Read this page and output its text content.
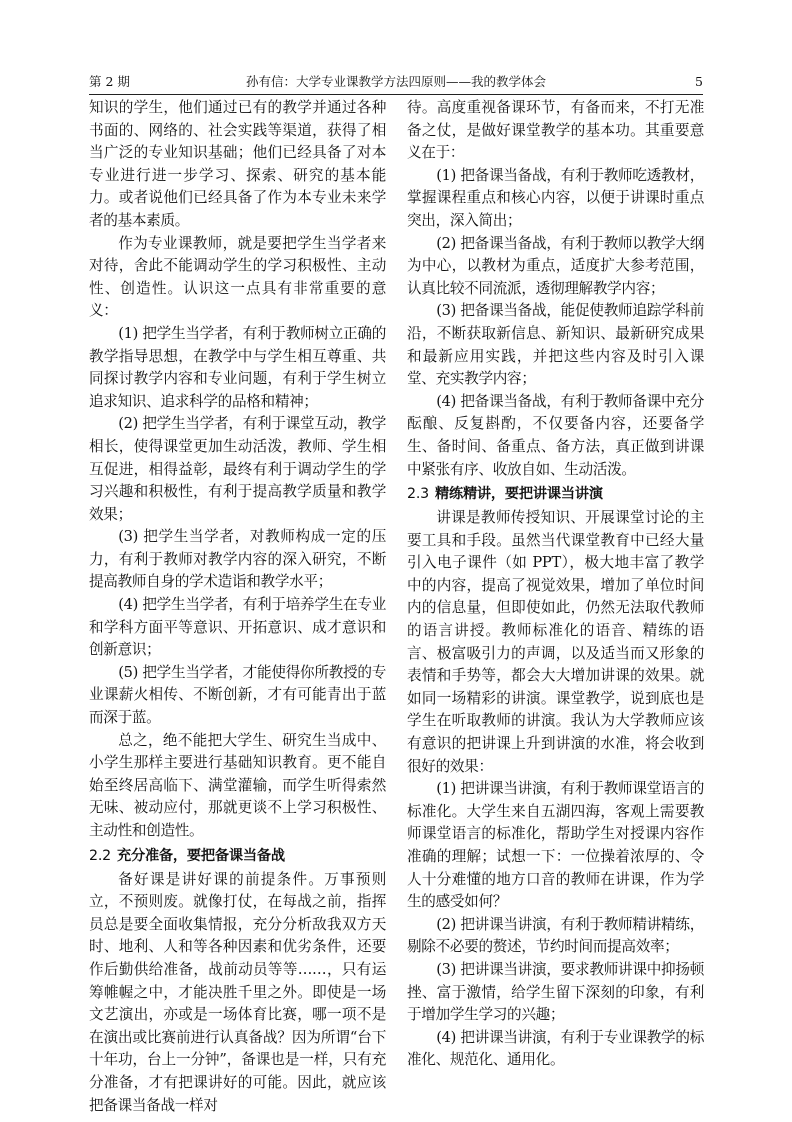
第 2 期	孙有信：大学专业课教学方法四原则——我的教学体会	5

知识的学生，他们通过已有的教学并通过各种书面的、网络的、社会实践等渠道，获得了相当广泛的专业知识基础；他们已经具备了对本专业进行进一步学习、探索、研究的基本能力。或者说他们已经具备了作为本专业未来学者的基本素质。

作为专业课教师，就是要把学生当学者来对待，舍此不能调动学生的学习积极性、主动性、创造性。认识这一点具有非常重要的意义：

(1) 把学生当学者，有利于教师树立正确的教学指导思想，在教学中与学生相互尊重、共同探讨教学内容和专业问题，有利于学生树立追求知识、追求科学的品格和精神；

(2) 把学生当学者，有利于课堂互动，教学相长，使得课堂更加生动活泼，教师、学生相互促进，相得益彰，最终有利于调动学生的学习兴趣和积极性，有利于提高教学质量和教学效果；

(3) 把学生当学者，对教师构成一定的压力，有利于教师对教学内容的深入研究，不断提高教师自身的学术造诣和教学水平；

(4) 把学生当学者，有利于培养学生在专业和学科方面平等意识、开拓意识、成才意识和创新意识；

(5) 把学生当学者，才能使得你所教授的专业课薪火相传、不断创新，才有可能青出于蓝而深于蓝。

总之，绝不能把大学生、研究生当成中、小学生那样主要进行基础知识教育。更不能自始至终居高临下、满堂灌输，而学生听得索然无味、被动应付，那就更谈不上学习积极性、主动性和创造性。

2.2 充分准备，要把备课当备战

备好课是讲好课的前提条件。万事预则立，不预则废。就像打仗，在每战之前，指挥员总是要全面收集情报，充分分析敌我双方天时、地利、人和等各种因素和优劣条件，还要作后勤供给准备，战前动员等等……，只有运筹帷幄之中，才能决胜千里之外。即使是一场文艺演出，亦或是一场体育比赛，哪一项不是在演出或比赛前进行认真备战？因为所谓“台下十年功，台上一分钟”，备课也是一样，只有充分准备，才有把课讲好的可能。因此，就应该把备课当备战一样对

待。高度重视备课环节，有备而来，不打无准备之仗，是做好课堂教学的基本功。其重要意义在于：

(1) 把备课当备战，有利于教师吃透教材，掌握课程重点和核心内容，以便于讲课时重点突出，深入简出；

(2) 把备课当备战，有利于教师以教学大纲为中心，以教材为重点，适度扩大参考范围，认真比较不同流派，透彻理解教学内容；

(3) 把备课当备战，能促使教师追踪学科前沿，不断获取新信息、新知识、最新研究成果和最新应用实践，并把这些内容及时引入课堂、充实教学内容；

(4) 把备课当备战，有利于教师备课中充分酝酿、反复斟酌，不仅要备内容，还要备学生、备时间、备重点、备方法，真正做到讲课中紧张有序、收放自如、生动活泼。

2.3 精练精讲，要把讲课当讲演

讲课是教师传授知识、开展课堂讨论的主要工具和手段。虽然当代课堂教育中已经大量引入电子课件（如 PPT），极大地丰富了教学中的内容，提高了视觉效果，增加了单位时间内的信息量，但即使如此，仍然无法取代教师的语言讲授。教师标准化的语音、精练的语言、极富吸引力的声调，以及适当而又形象的表情和手势等，都会大大增加讲课的效果。就如同一场精彩的讲演。课堂教学，说到底也是学生在听取教师的讲演。我认为大学教师应该有意识的把讲课上升到讲演的水准，将会收到很好的效果：

(1) 把讲课当讲演，有利于教师课堂语言的标准化。大学生来自五湖四海，客观上需要教师课堂语言的标准化，帮助学生对授课内容作准确的理解；试想一下：一位操着浓厚的、令人十分难懂的地方口音的教师在讲课，作为学生的感受如何？

(2) 把讲课当讲演，有利于教师精讲精练，剔除不必要的赘述，节约时间而提高效率；

(3) 把讲课当讲演，要求教师讲课中抑扬顿挫、富于激情，给学生留下深刻的印象，有利于增加学生学习的兴趣；

(4) 把讲课当讲演，有利于专业课教学的标准化、规范化、通用化。
